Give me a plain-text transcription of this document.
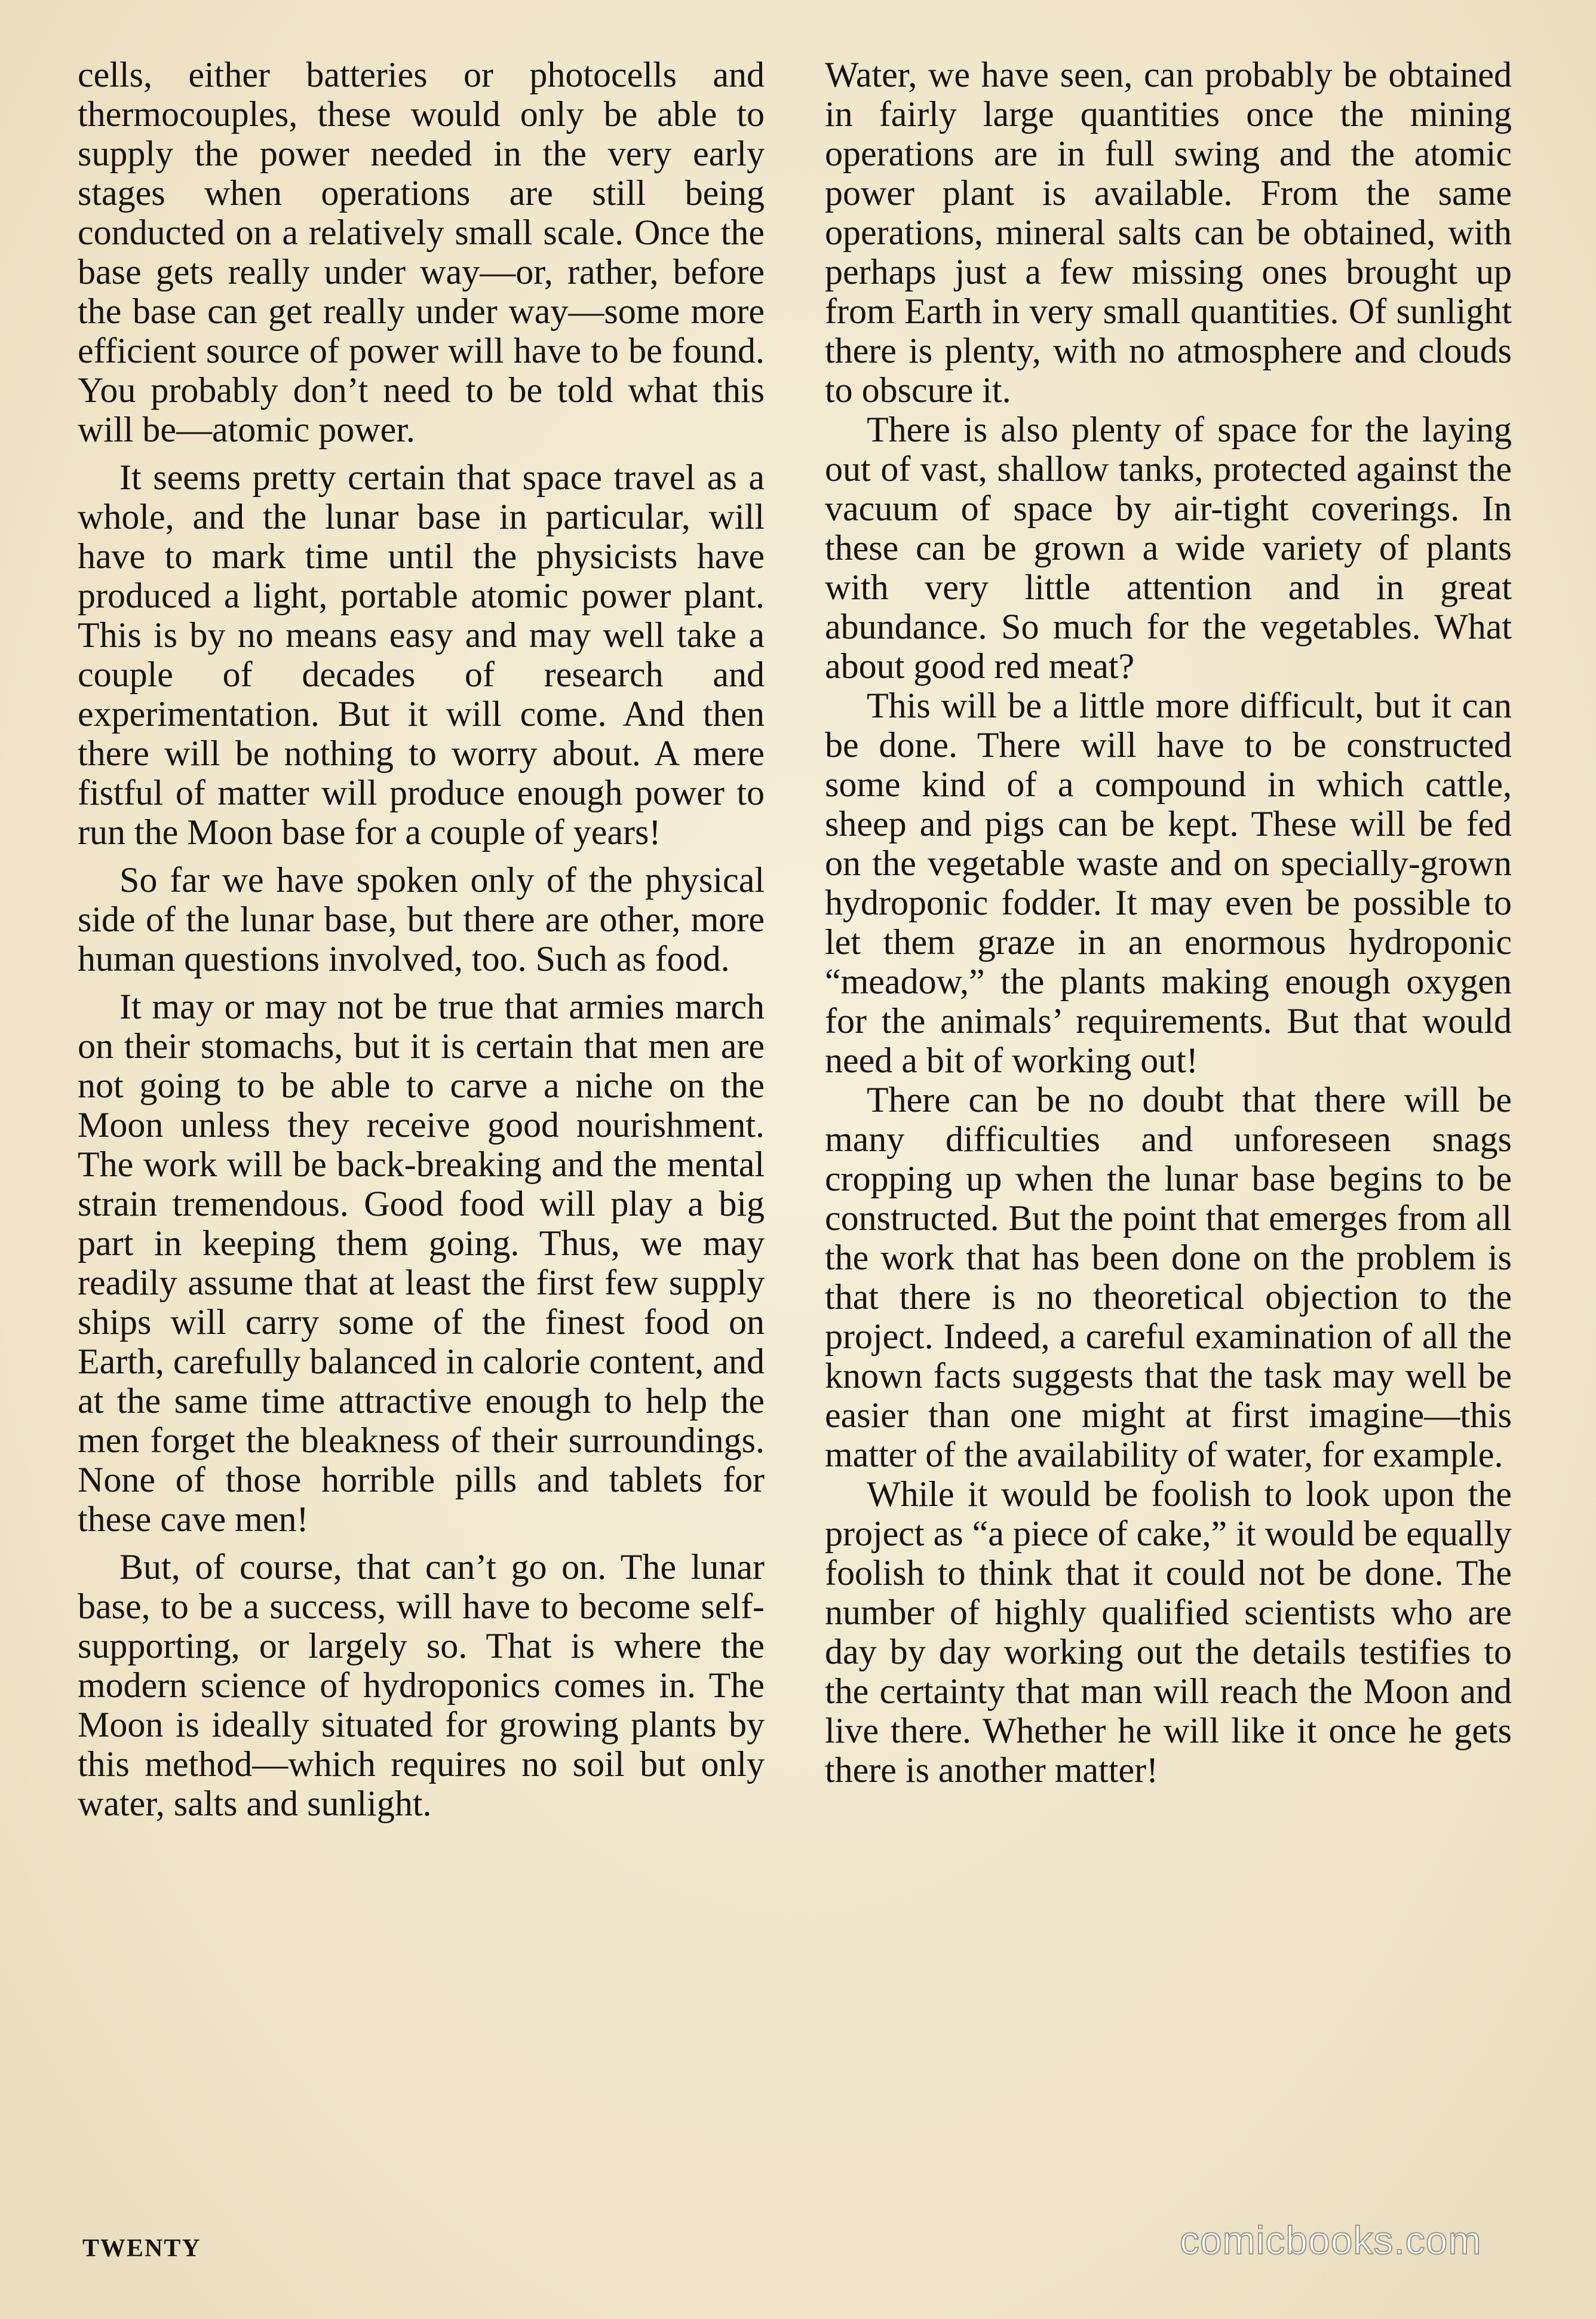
cells, either batteries or photocells and thermocouples, these would only be able to supply the power needed in the very early stages when operations are still being conducted on a relatively small scale. Once the base gets really under way—or, rather, before the base can get really under way—some more efficient source of power will have to be found. You probably don’t need to be told what this will be—atomic power.

It seems pretty certain that space travel as a whole, and the lunar base in particular, will have to mark time until the physicists have produced a light, portable atomic power plant. This is by no means easy and may well take a couple of decades of research and experimentation. But it will come. And then there will be nothing to worry about. A mere fistful of matter will produce enough power to run the Moon base for a couple of years!

So far we have spoken only of the physical side of the lunar base, but there are other, more human questions involved, too. Such as food.

It may or may not be true that armies march on their stomachs, but it is certain that men are not going to be able to carve a niche on the Moon unless they receive good nourishment. The work will be back-breaking and the mental strain tremendous. Good food will play a big part in keeping them going. Thus, we may readily assume that at least the first few supply ships will carry some of the finest food on Earth, carefully balanced in calorie content, and at the same time attractive enough to help the men forget the bleakness of their surroundings. None of those horrible pills and tablets for these cave men!

But, of course, that can’t go on. The lunar base, to be a success, will have to become self-supporting, or largely so. That is where the modern science of hydroponics comes in. The Moon is ideally situated for growing plants by this method—which requires no soil but only water, salts and sunlight.

Water, we have seen, can probably be obtained in fairly large quantities once the mining operations are in full swing and the atomic power plant is available. From the same operations, mineral salts can be obtained, with perhaps just a few missing ones brought up from Earth in very small quantities. Of sunlight there is plenty, with no atmosphere and clouds to obscure it.

There is also plenty of space for the laying out of vast, shallow tanks, protected against the vacuum of space by air-tight coverings. In these can be grown a wide variety of plants with very little attention and in great abundance. So much for the vegetables. What about good red meat?

This will be a little more difficult, but it can be done. There will have to be constructed some kind of a compound in which cattle, sheep and pigs can be kept. These will be fed on the vegetable waste and on specially-grown hydroponic fodder. It may even be possible to let them graze in an enormous hydroponic “meadow,” the plants making enough oxygen for the animals’ requirements. But that would need a bit of working out!

There can be no doubt that there will be many difficulties and unforeseen snags cropping up when the lunar base begins to be constructed. But the point that emerges from all the work that has been done on the problem is that there is no theoretical objection to the project. Indeed, a careful examination of all the known facts suggests that the task may well be easier than one might at first imagine—this matter of the availability of water, for example.

While it would be foolish to look upon the project as “a piece of cake,” it would be equally foolish to think that it could not be done. The number of highly qualified scientists who are day by day working out the details testifies to the certainty that man will reach the Moon and live there. Whether he will like it once he gets there is another matter!

TWENTY	comicbooks.com
